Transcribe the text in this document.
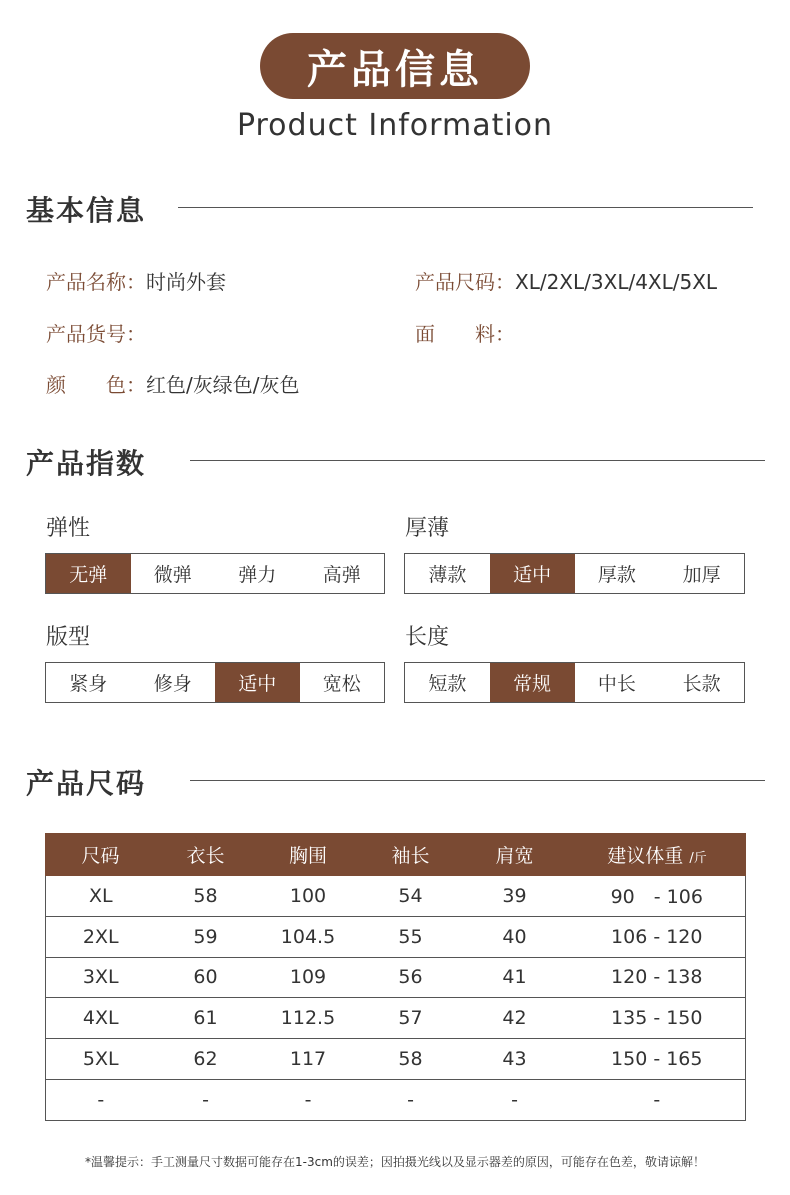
产品信息
Product Information
基本信息
产品名称：时尚外套	产品尺码：XL/2XL/3XL/4XL/5XL
产品货号：	面　　料：
颜　　色：红色/灰绿色/灰色
产品指数
弹性
无弹	微弹	弹力	高弹
厚薄
薄款	适中	厚款	加厚
版型
紧身	修身	适中	宽松
长度
短款	常规	中长	长款
产品尺码
尺码	衣长	胸围	袖长	肩宽	建议体重 /斤
XL	58	100	54	39	90　- 106
2XL	59	104.5	55	40	106 - 120
3XL	60	109	56	41	120 - 138
4XL	61	112.5	57	42	135 - 150
5XL	62	117	58	43	150 - 165
-	-	-	-	-	-
*温馨提示：手工测量尺寸数据可能存在1-3cm的误差；因拍摄光线以及显示器差的原因，可能存在色差，敬请谅解！
